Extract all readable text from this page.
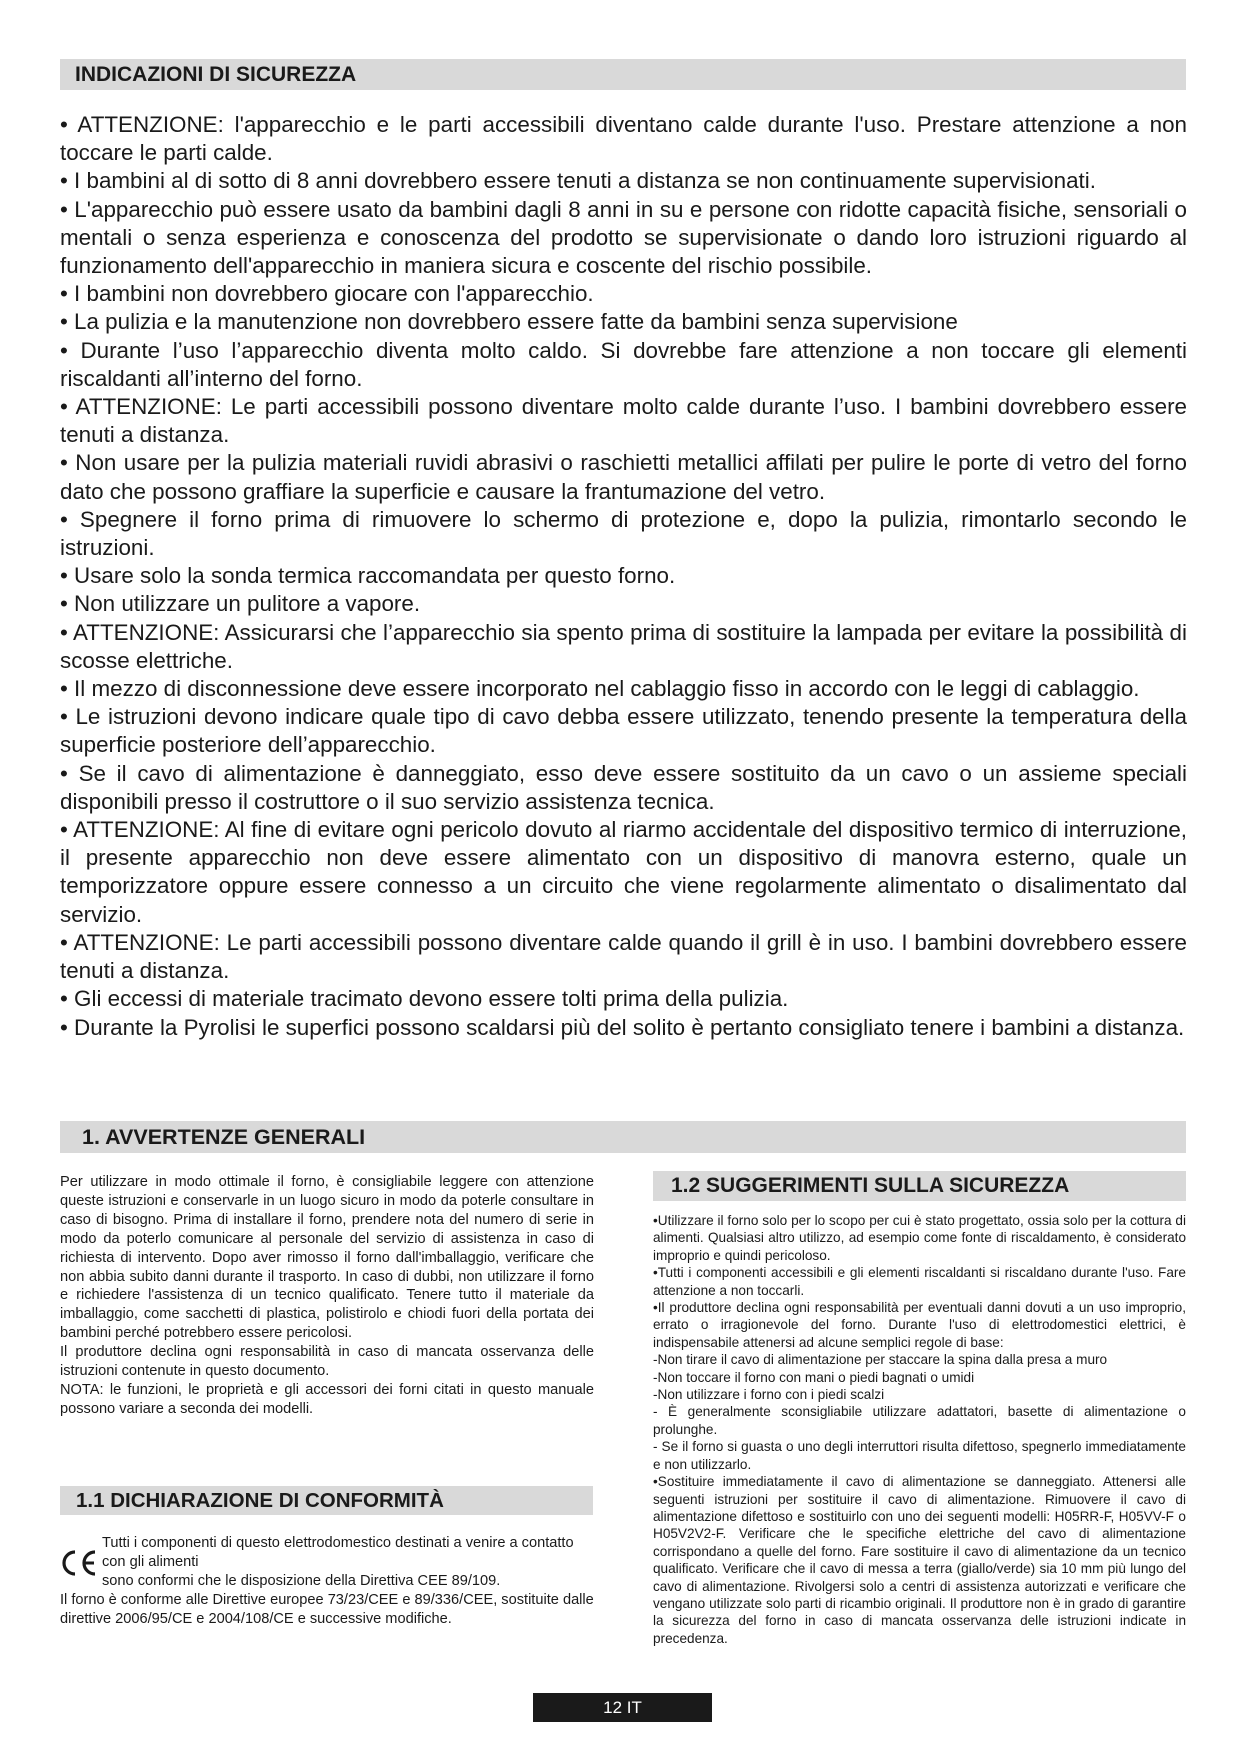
INDICAZIONI DI SICUREZZA

• ATTENZIONE: l'apparecchio e le parti accessibili diventano calde durante l'uso. Prestare attenzione a non toccare le parti calde.

• I bambini al di sotto di 8 anni dovrebbero essere tenuti a distanza se non continuamente supervisionati.

• L'apparecchio può essere usato da bambini dagli 8 anni in su e persone con ridotte capacità fisiche, sensoriali o mentali o senza esperienza e conoscenza del prodotto se supervisionate o dando loro istruzioni riguardo al funzionamento dell'apparecchio in maniera sicura e coscente del rischio possibile.

• I bambini non dovrebbero giocare con l'apparecchio.

• La pulizia e la manutenzione non dovrebbero essere fatte da bambini senza supervisione

• Durante l’uso l’apparecchio diventa molto caldo. Si dovrebbe fare attenzione a non toccare gli elementi riscaldanti all’interno del forno.

• ATTENZIONE: Le parti accessibili possono diventare molto calde durante l’uso. I bambini dovrebbero essere tenuti a distanza.

• Non usare per la pulizia materiali ruvidi abrasivi o raschietti metallici affilati per pulire le porte di vetro del forno dato che possono graffiare la superficie e causare la frantumazione del vetro.

• Spegnere il forno prima di rimuovere lo schermo di protezione e, dopo la pulizia, rimontarlo secondo le istruzioni.

• Usare solo la sonda termica raccomandata per questo forno.

• Non utilizzare un pulitore a vapore.

• ATTENZIONE: Assicurarsi che l’apparecchio sia spento prima di sostituire la lampada per evitare la possibilità di scosse elettriche.

• Il mezzo di disconnessione deve essere incorporato nel cablaggio fisso in accordo con le leggi di cablaggio.

• Le istruzioni devono indicare quale tipo di cavo debba essere utilizzato, tenendo presente la temperatura della superficie posteriore dell’apparecchio.

• Se il cavo di alimentazione è danneggiato, esso deve essere sostituito da un cavo o un assieme speciali disponibili presso il costruttore o il suo servizio assistenza tecnica.

• ATTENZIONE: Al fine di evitare ogni pericolo dovuto al riarmo accidentale del dispositivo termico di interruzione, il presente apparecchio non deve essere alimentato con un dispositivo di manovra esterno, quale un temporizzatore oppure essere connesso a un circuito che viene regolarmente alimentato o disalimentato dal servizio.

• ATTENZIONE: Le parti accessibili possono diventare calde quando il grill è in uso. I bambini dovrebbero essere tenuti a distanza.

• Gli eccessi di materiale tracimato devono essere tolti prima della pulizia.

• Durante la Pyrolisi le superfici possono scaldarsi più del solito è pertanto consigliato tenere i bambini a distanza.

1. AVVERTENZE GENERALI

Per utilizzare in modo ottimale il forno, è consigliabile leggere con attenzione queste istruzioni e conservarle in un luogo sicuro in modo da poterle consultare in caso di bisogno. Prima di installare il forno, prendere nota del numero di serie in modo da poterlo comunicare al personale del servizio di assistenza in caso di richiesta di intervento. Dopo aver rimosso il forno dall'imballaggio, verificare che non abbia subito danni durante il trasporto. In caso di dubbi, non utilizzare il forno e richiedere l'assistenza di un tecnico qualificato. Tenere tutto il materiale da imballaggio, come sacchetti di plastica, polistirolo e chiodi fuori della portata dei bambini perché potrebbero essere pericolosi.

Il produttore declina ogni responsabilità in caso di mancata osservanza delle istruzioni contenute in questo documento.

NOTA: le funzioni, le proprietà e gli accessori dei forni citati in questo manuale possono variare a seconda dei modelli.

1.1 DICHIARAZIONE DI CONFORMITÀ
Tutti i componenti di questo elettrodomestico destinati a venire a contatto con gli alimenti

sono conformi che le disposizione della Direttiva CEE 89/109.

Il forno è conforme alle Direttive europee 73/23/CEE e 89/336/CEE, sostituite dalle direttive 2006/95/CE e 2004/108/CE e successive modifiche.

1.2 SUGGERIMENTI SULLA SICUREZZA

•Utilizzare il forno solo per lo scopo per cui è stato progettato, ossia solo per la cottura di alimenti. Qualsiasi altro utilizzo, ad esempio come fonte di riscaldamento, è considerato improprio e quindi pericoloso.

•Tutti i componenti accessibili e gli elementi riscaldanti si riscaldano durante l'uso. Fare attenzione a non toccarli.

•Il produttore declina ogni responsabilità per eventuali danni dovuti a un uso improprio, errato o irragionevole del forno. Durante l'uso di elettrodomestici elettrici, è indispensabile attenersi ad alcune semplici regole di base:

-Non tirare il cavo di alimentazione per staccare la spina dalla presa a muro

-Non toccare il forno con mani o piedi bagnati o umidi

-Non utilizzare i forno con i piedi scalzi

- È generalmente sconsigliabile utilizzare adattatori, basette di alimentazione o prolunghe.

- Se il forno si guasta o uno degli interruttori risulta difettoso, spegnerlo immediatamente e non utilizzarlo.

•Sostituire immediatamente il cavo di alimentazione se danneggiato. Attenersi alle seguenti istruzioni per sostituire il cavo di alimentazione. Rimuovere il cavo di alimentazione difettoso e sostituirlo con uno dei seguenti modelli: H05RR-F, H05VV-F o H05V2V2-F. Verificare che le specifiche elettriche del cavo di alimentazione corrispondano a quelle del forno. Fare sostituire il cavo di alimentazione da un tecnico qualificato. Verificare che il cavo di messa a terra (giallo/verde) sia 10 mm più lungo del cavo di alimentazione. Rivolgersi solo a centri di assistenza autorizzati e verificare che vengano utilizzate solo parti di ricambio originali. Il produttore non è in grado di garantire la sicurezza del forno in caso di mancata osservanza delle istruzioni indicate in precedenza.

12 IT
